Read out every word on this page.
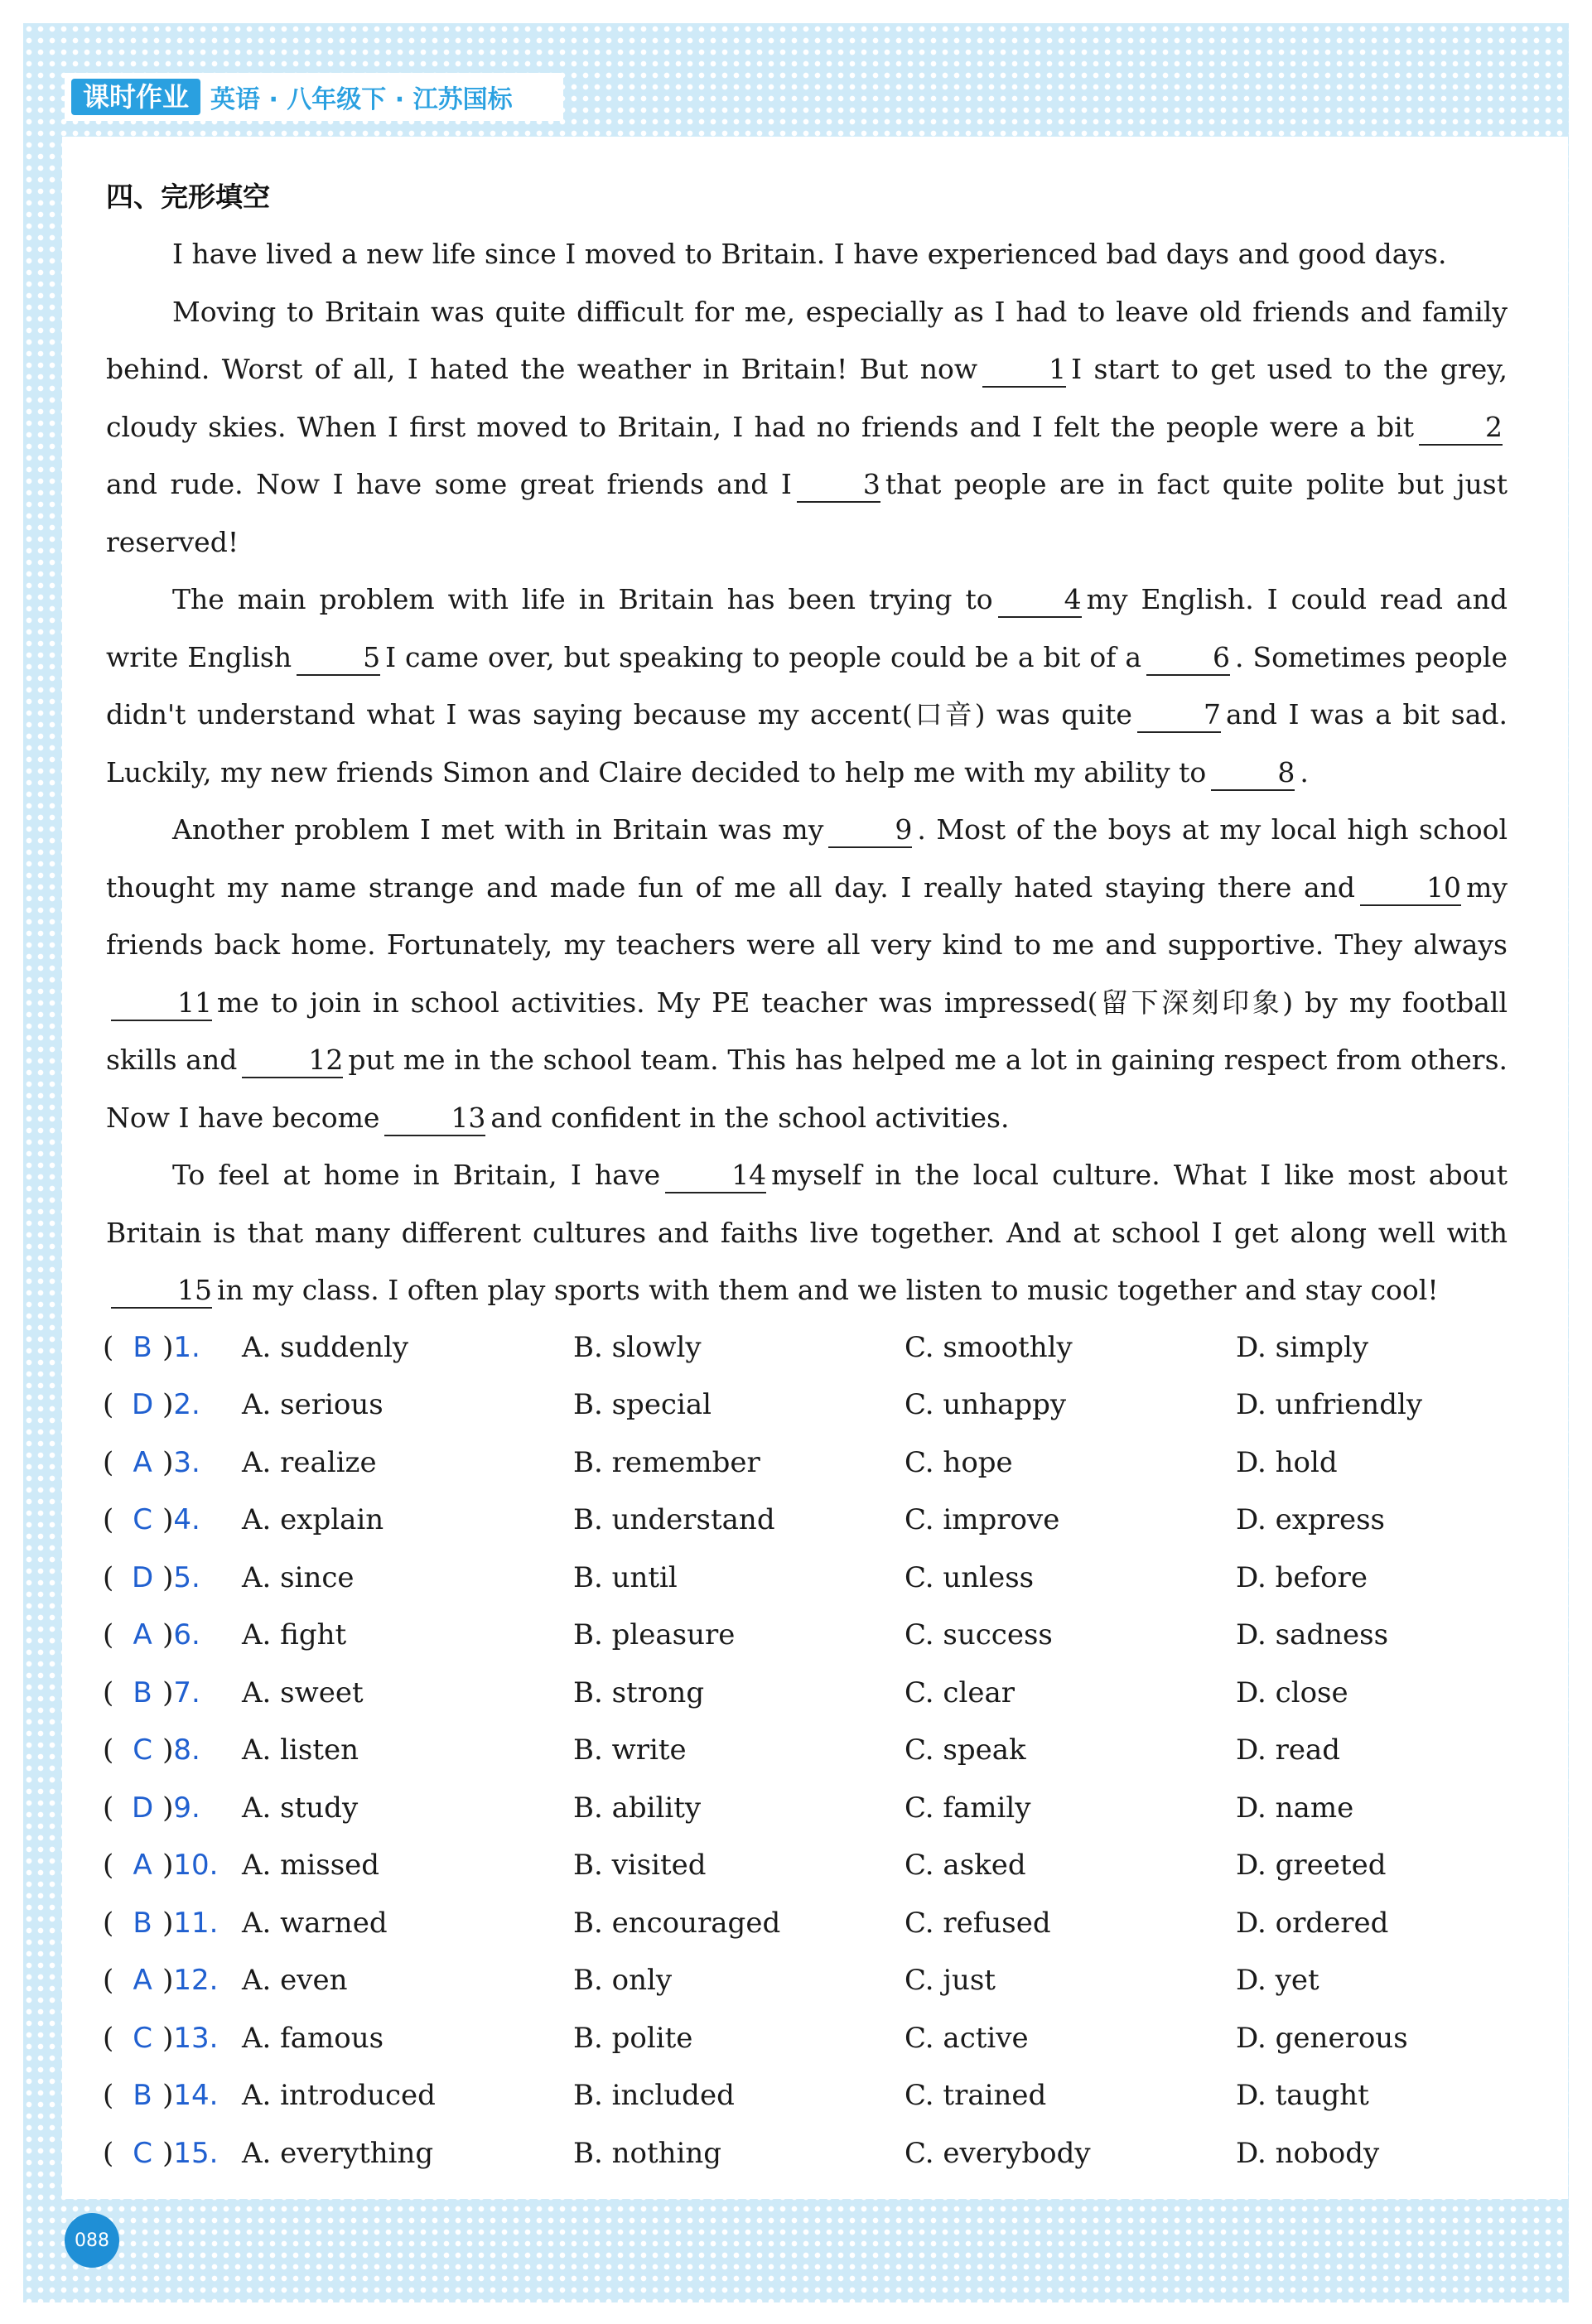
课时作业 英语 · 八年级下 · 江苏国标
四、完形填空

I have lived a new life since I moved to Britain. I have experienced bad days and good days.

Moving to Britain was quite difficult for me, especially as I had to leave old friends and family behind. Worst of all, I hated the weather in Britain! But now	1 I start to get used to the grey, cloudy skies. When I first moved to Britain, I had no friends and I felt the people were a bit	2 and rude. Now I have some great friends and I	3 that people are in fact quite polite but just reserved!

The main problem with life in Britain has been trying to	4 my English. I could read and write English	5 I came over, but speaking to people could be a bit of a	6 . Sometimes people didn't understand what I was saying because my accent(口音) was quite	7 and I was a bit sad. Luckily, my new friends Simon and Claire decided to help me with my ability to	8 .

Another problem I met with in Britain was my	9 . Most of the boys at my local high school thought my name strange and made fun of me all day. I really hated staying there and	10 my friends back home. Fortunately, my teachers were all very kind to me and supportive. They always11 me to join in school activities. My PE teacher was impressed(留下深刻印象) by my football skills and	12 put me in the school team. This has helped me a lot in gaining respect from others. Now I have become	13 and confident in the school activities.

To feel at home in Britain, I have	14 myself in the local culture. What I like most about Britain is that many different cultures and faiths live together. And at school I get along well with15 in my class. I often play sports with them and we listen to music together and stay cool!

( B )1.	A. suddenly	B. slowly	C. smoothly	D. simply
( D )2.	A. serious	B. special	C. unhappy	D. unfriendly
( A )3.	A. realize	B. remember	C. hope	D. hold
( C )4.	A. explain	B. understand	C. improve	D. express
( D )5.	A. since	B. until	C. unless	D. before
( A )6.	A. fight	B. pleasure	C. success	D. sadness
( B )7.	A. sweet	B. strong	C. clear	D. close
( C )8.	A. listen	B. write	C. speak	D. read
( D )9.	A. study	B. ability	C. family	D. name
( A )10. A. missed	B. visited	C. asked	D. greeted
( B )11. A. warned	B. encouraged	C. refused	D. ordered
( A )12. A. even	B. only	C. just	D. yet
( C )13. A. famous	B. polite	C. active	D. generous
( B )14. A. introduced	B. included	C. trained	D. taught
( C )15. A. everything	B. nothing	C. everybody	D. nobody
088
